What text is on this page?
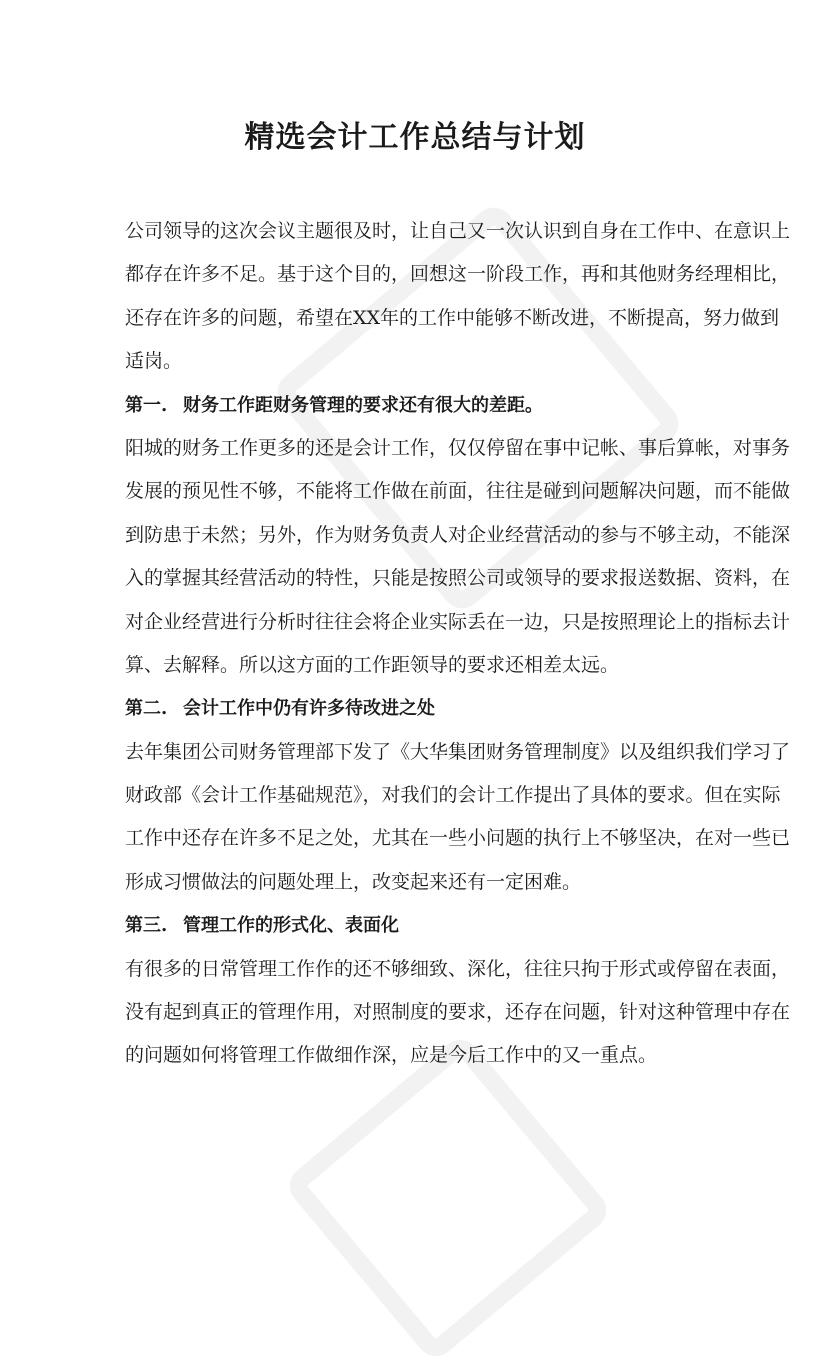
精选会计工作总结与计划
公司领导的这次会议主题很及时，让自己又一次认识到自身在工作中、在意识上
都存在许多不足。基于这个目的，回想这一阶段工作，再和其他财务经理相比，
还存在许多的问题，希望在XX年的工作中能够不断改进，不断提高，努力做到
适岗。
第一. 财务工作距财务管理的要求还有很大的差距。
阳城的财务工作更多的还是会计工作，仅仅停留在事中记帐、事后算帐，对事务
发展的预见性不够，不能将工作做在前面，往往是碰到问题解决问题，而不能做
到防患于未然；另外，作为财务负责人对企业经营活动的参与不够主动，不能深
入的掌握其经营活动的特性，只能是按照公司或领导的要求报送数据、资料，在
对企业经营进行分析时往往会将企业实际丢在一边，只是按照理论上的指标去计
算、去解释。所以这方面的工作距领导的要求还相差太远。
第二. 会计工作中仍有许多待改进之处
去年集团公司财务管理部下发了《大华集团财务管理制度》以及组织我们学习了
财政部《会计工作基础规范》，对我们的会计工作提出了具体的要求。但在实际
工作中还存在许多不足之处，尤其在一些小问题的执行上不够坚决，在对一些已
形成习惯做法的问题处理上，改变起来还有一定困难。
第三. 管理工作的形式化、表面化
有很多的日常管理工作作的还不够细致、深化，往往只拘于形式或停留在表面，
没有起到真正的管理作用，对照制度的要求，还存在问题，针对这种管理中存在
的问题如何将管理工作做细作深，应是今后工作中的又一重点。
